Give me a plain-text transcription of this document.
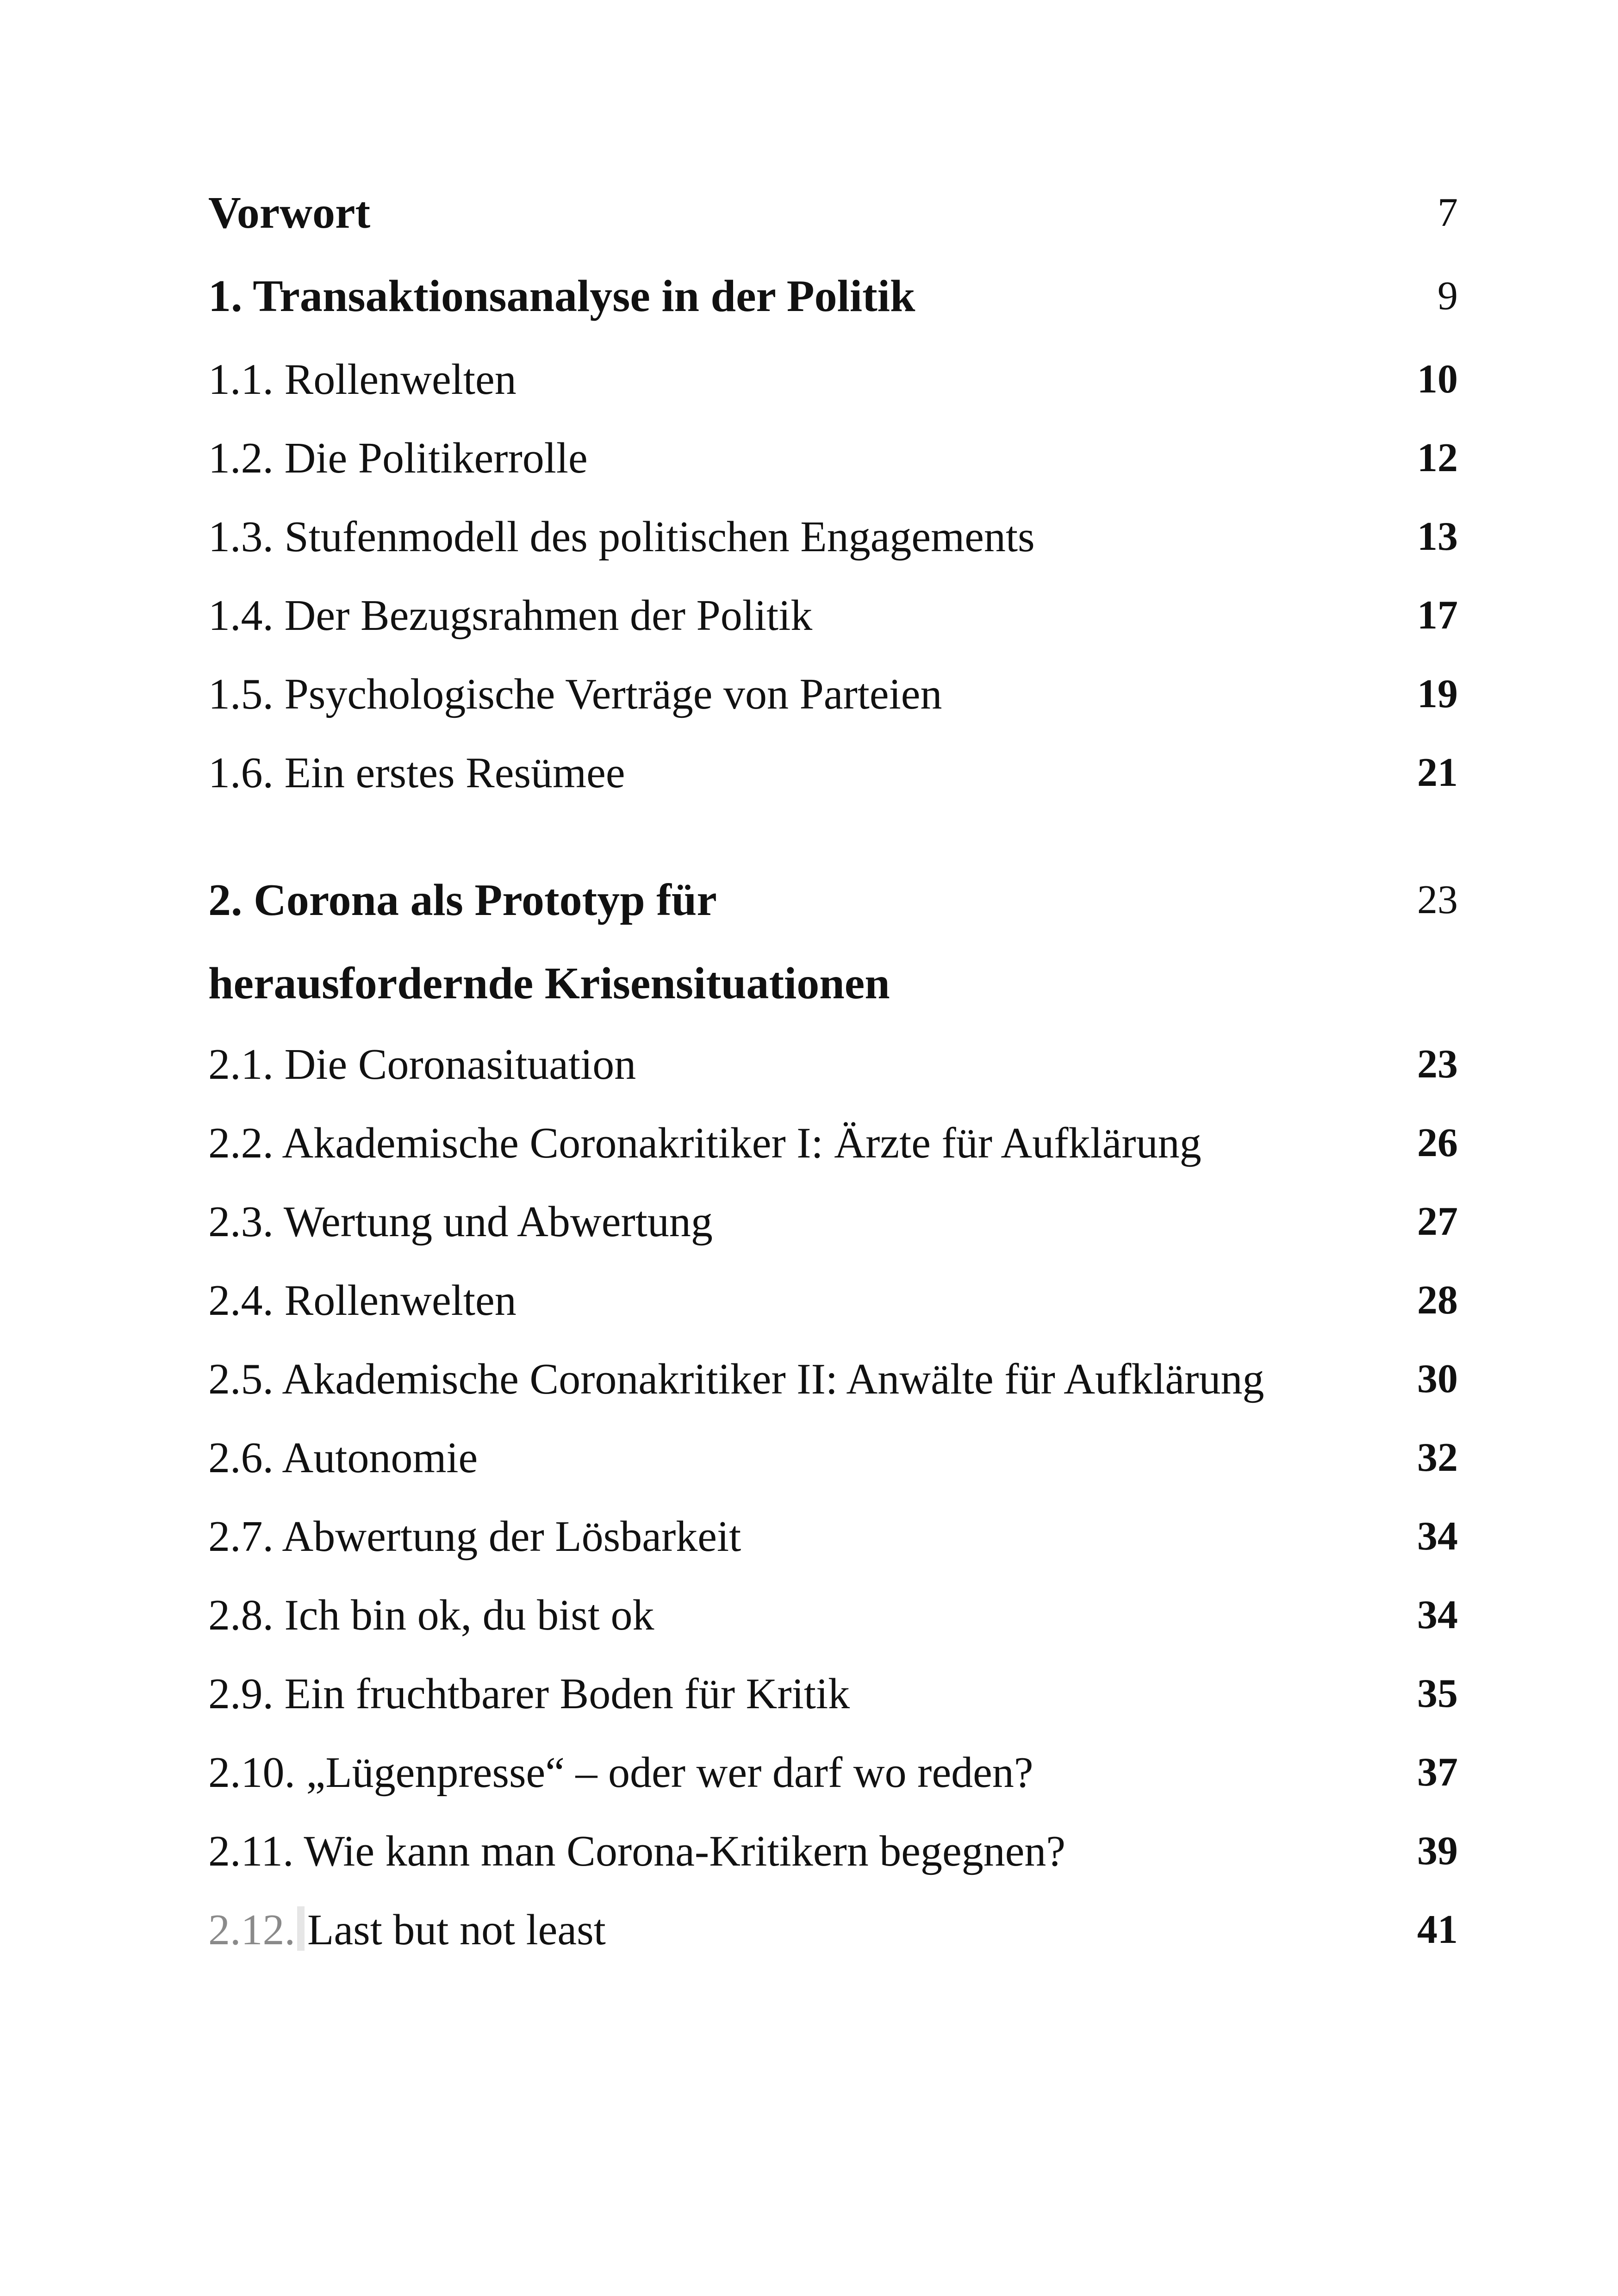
Vorwort	7
1. Transaktionsanalyse in der Politik	9
1.1. Rollenwelten	10
1.2. Die Politikerrolle	12
1.3. Stufenmodell des politischen Engagements	13
1.4. Der Bezugsrahmen der Politik	17
1.5. Psychologische Verträge von Parteien	19
1.6. Ein erstes Resümee	21
2. Corona als Prototyp für	23
herausfordernde Krisensituationen
2.1. Die Coronasituation	23
2.2. Akademische Coronakritiker I: Ärzte für Aufklärung	26
2.3. Wertung und Abwertung	27
2.4. Rollenwelten	28
2.5. Akademische Coronakritiker II: Anwälte für Aufklärung	30
2.6. Autonomie	32
2.7. Abwertung der Lösbarkeit	34
2.8. Ich bin ok, du bist ok	34
2.9. Ein fruchtbarer Boden für Kritik	35
2.10. „Lügenpresse“ – oder wer darf wo reden?	37
2.11. Wie kann man Corona-Kritikern begegnen?	39
2.12. Last but not least	41
